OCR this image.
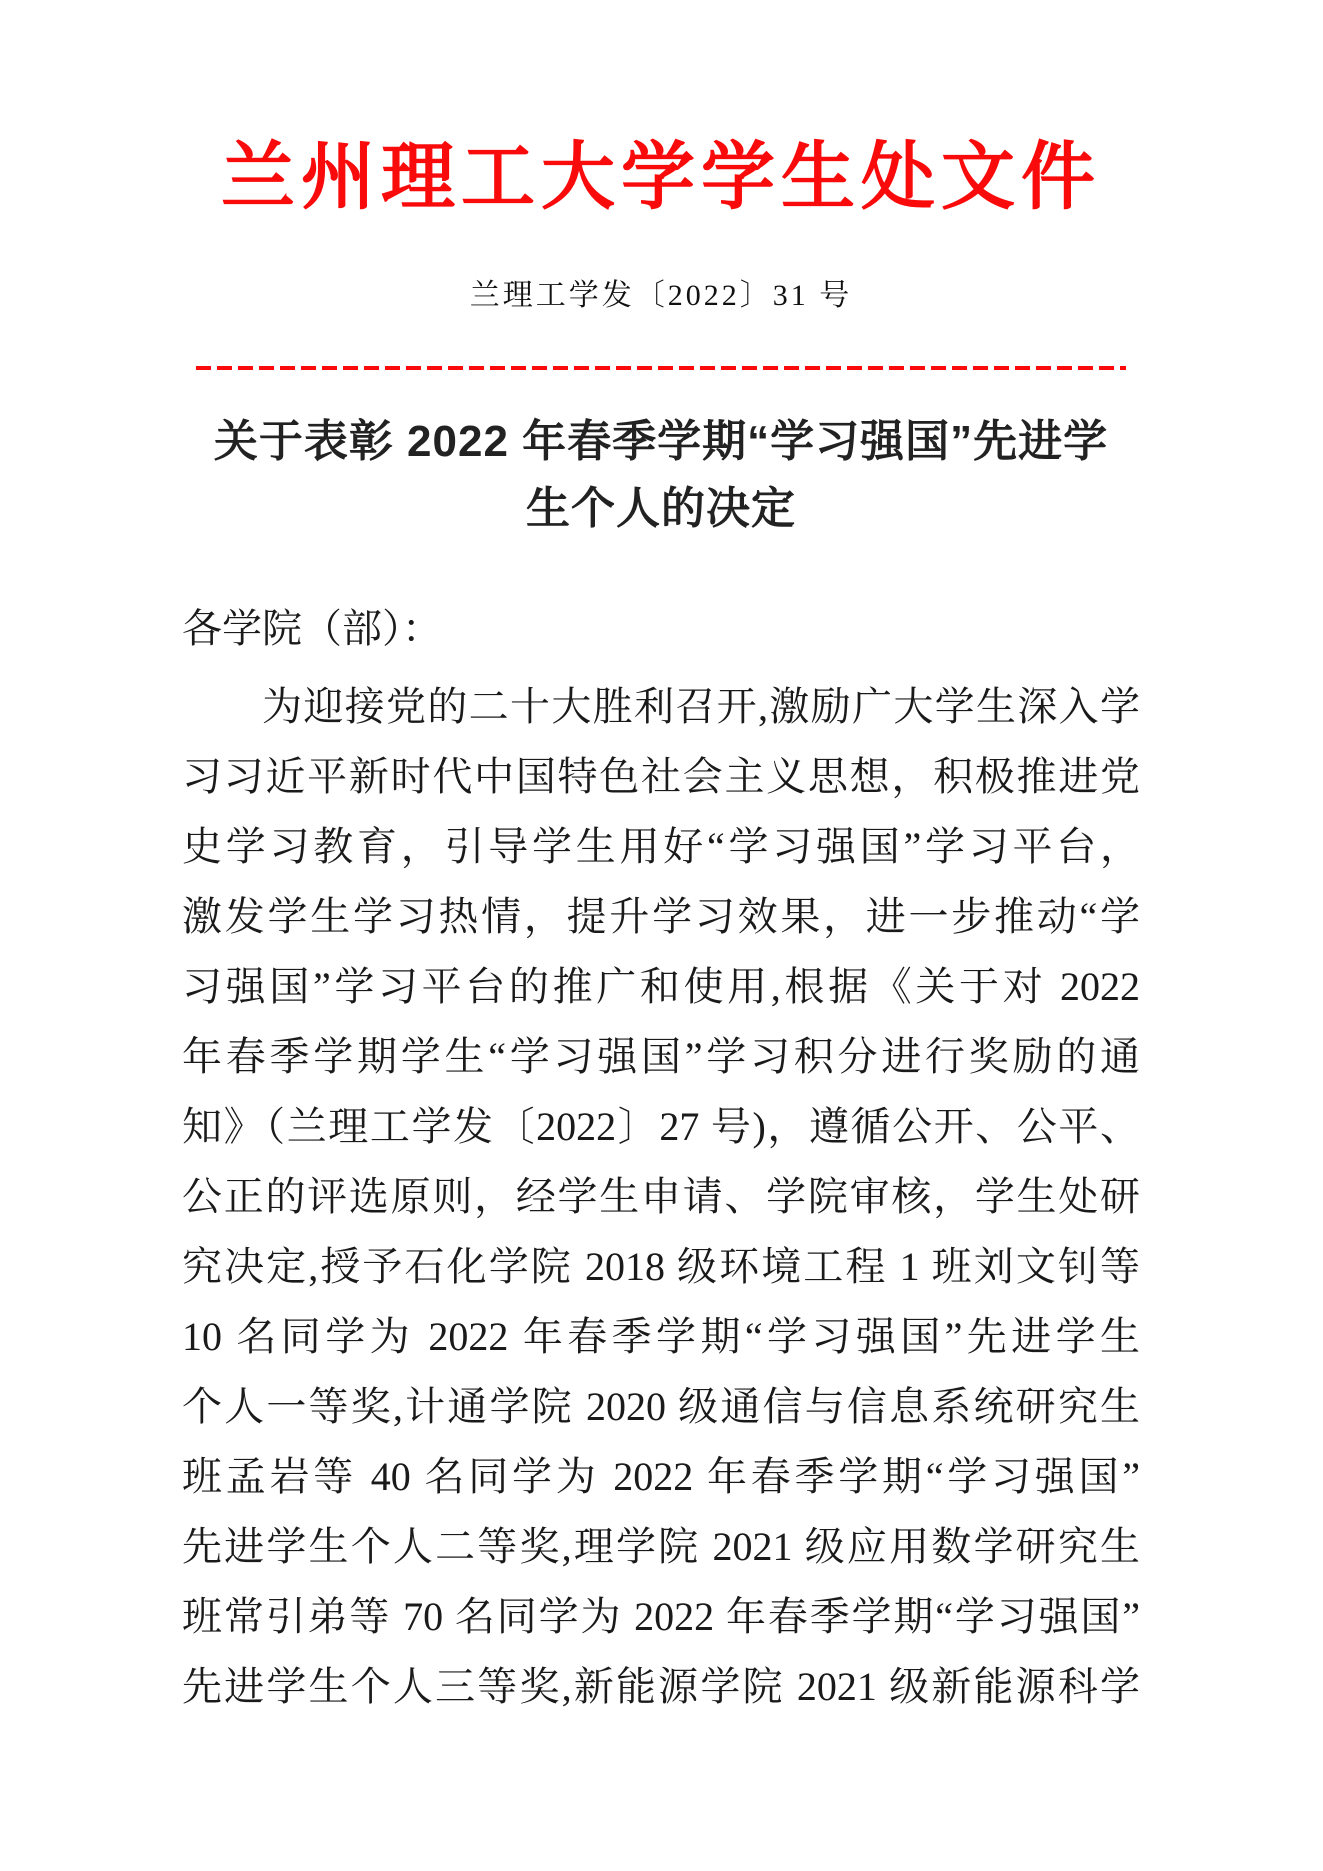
兰州理工大学学生处文件
兰理工学发〔2022〕31 号
关于表彰 2022 年春季学期“学习强国”先进学
生个人的决定
各学院（部）：
为迎接党的二十大胜利召开,激励广大学生深入学
习习近平新时代中国特色社会主义思想，积极推进党
史学习教育，引导学生用好“学习强国”学习平台，
激发学生学习热情，提升学习效果，进一步推动“学
习强国”学习平台的推广和使用,根据《关于对 2022
年春季学期学生“学习强国”学习积分进行奖励的通
知》（兰理工学发〔2022〕27 号)，遵循公开、公平、
公正的评选原则，经学生申请、学院审核，学生处研
究决定,授予石化学院 2018 级环境工程 1 班刘文钊等
10 名同学为 2022 年春季学期“学习强国”先进学生
个人一等奖,计通学院 2020 级通信与信息系统研究生
班孟岩等 40 名同学为 2022 年春季学期“学习强国”
先进学生个人二等奖,理学院 2021 级应用数学研究生
班常引弟等 70 名同学为 2022 年春季学期“学习强国”
先进学生个人三等奖,新能源学院 2021 级新能源科学
